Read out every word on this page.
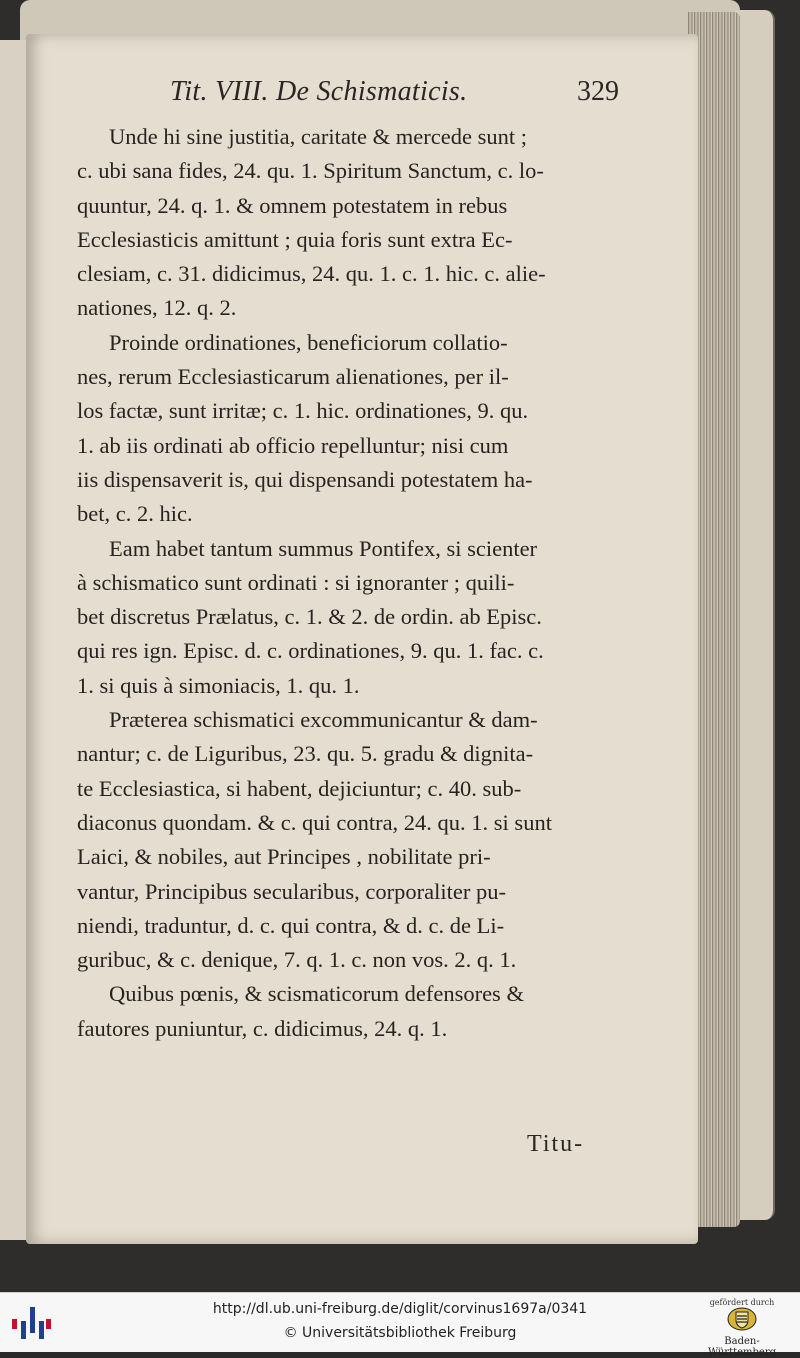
Tit. VIII. De Schismaticis.	329
Unde hi sine justitia, caritate & mercede sunt ;
c. ubi sana fides, 24. qu. 1. Spiritum Sanctum, c. lo-
quuntur, 24. q. 1. & omnem potestatem in rebus
Ecclesiasticis amittunt ; quia foris sunt extra Ec-
clesiam, c. 31. didicimus, 24. qu. 1. c. 1. hic. c. alie-
nationes, 12. q. 2.
Proinde ordinationes, beneficiorum collatio-
nes, rerum Ecclesiasticarum alienationes, per il-
los factæ, sunt irritæ; c. 1. hic. ordinationes, 9. qu.
1. ab iis ordinati ab officio repelluntur; nisi cum
iis dispensaverit is, qui dispensandi potestatem ha-
bet, c. 2. hic.
Eam habet tantum summus Pontifex, si scienter
à schismatico sunt ordinati : si ignoranter ; quili-
bet discretus Prælatus, c. 1. & 2. de ordin. ab Episc.
qui res ign. Episc. d. c. ordinationes, 9. qu. 1. fac. c.
1. si quis à simoniacis, 1. qu. 1.
Præterea schismatici excommunicantur & dam-
nantur; c. de Liguribus, 23. qu. 5. gradu & dignita-
te Ecclesiastica, si habent, dejiciuntur; c. 40. sub-
diaconus quondam. & c. qui contra, 24. qu. 1. si sunt
Laici, & nobiles, aut Principes , nobilitate pri-
vantur, Principibus secularibus, corporaliter pu-
niendi, traduntur, d. c. qui contra, & d. c. de Li-
guribuc, & c. denique, 7. q. 1. c. non vos. 2. q. 1.
Quibus pœnis, & scismaticorum defensores &
fautores puniuntur, c. didicimus, 24. q. 1.
Titu-
http://dl.ub.uni-freiburg.de/diglit/corvinus1697a/0341
© Universitätsbibliothek Freiburg
gefördert durch
Baden-Württemberg
